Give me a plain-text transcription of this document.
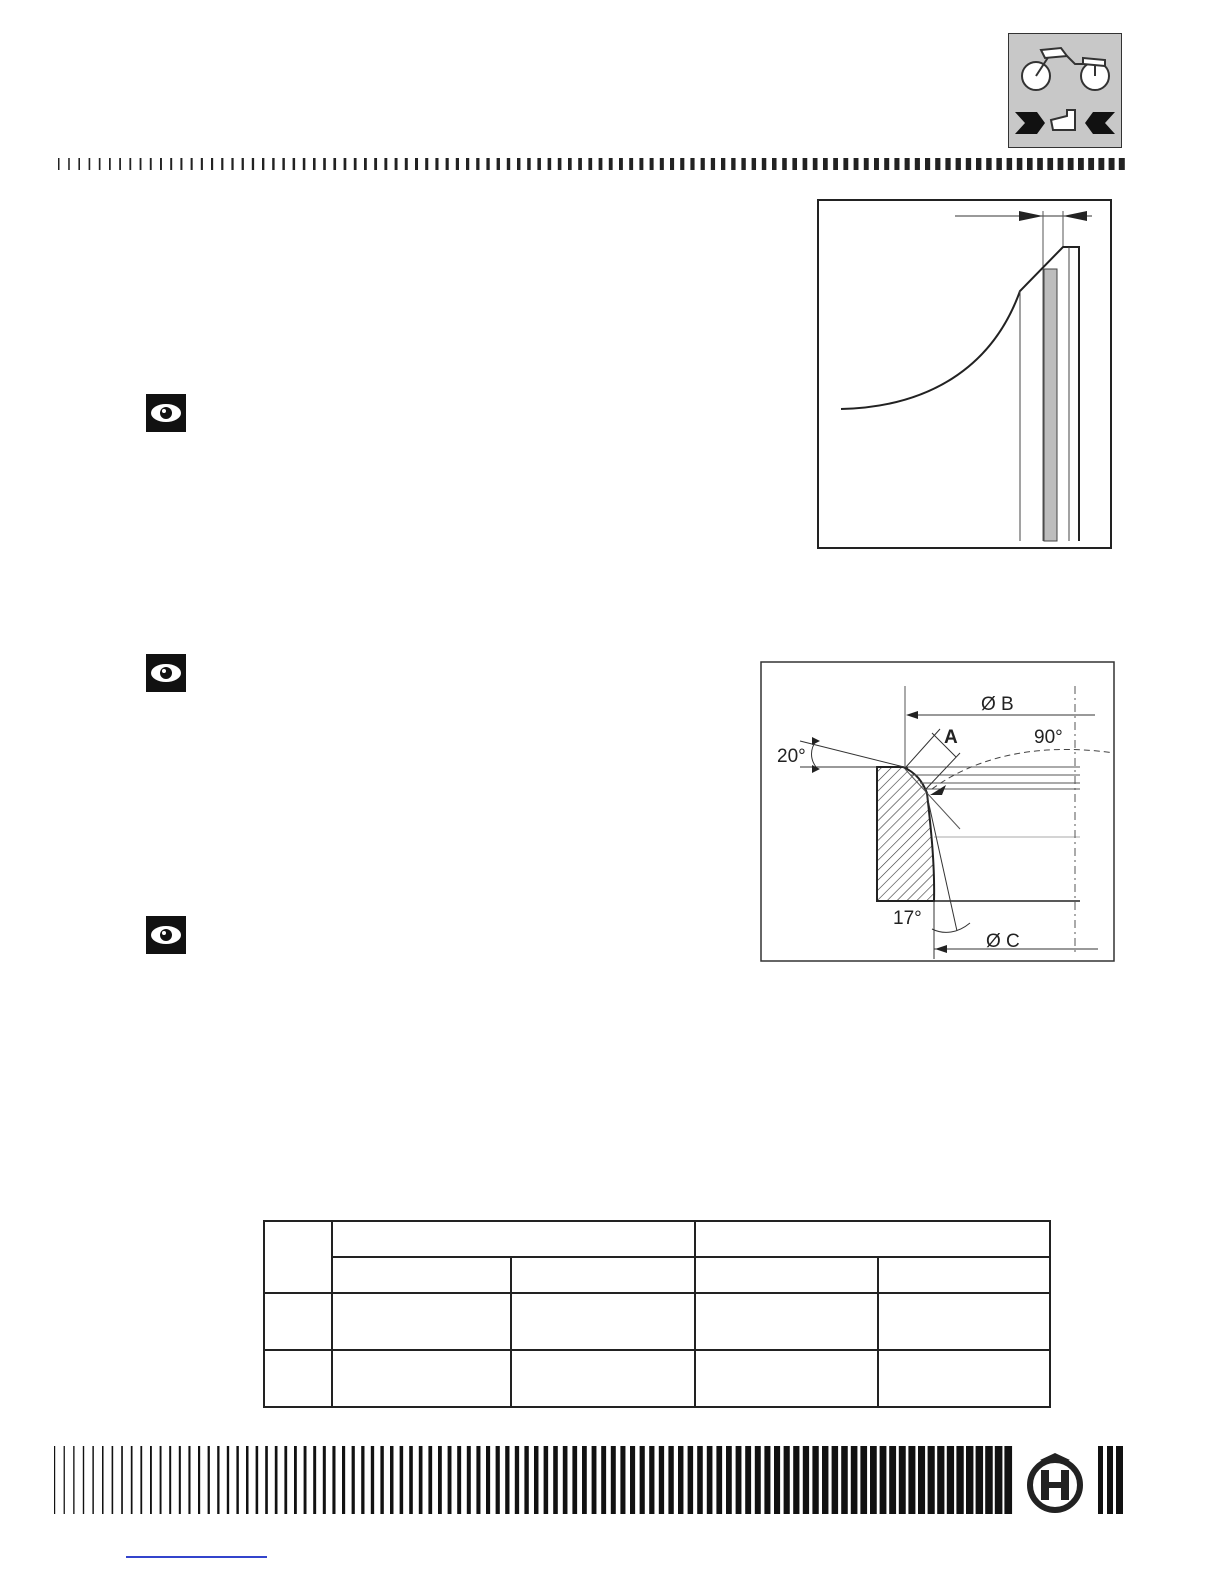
Ø B
90°
A
20°
17°
Ø C
